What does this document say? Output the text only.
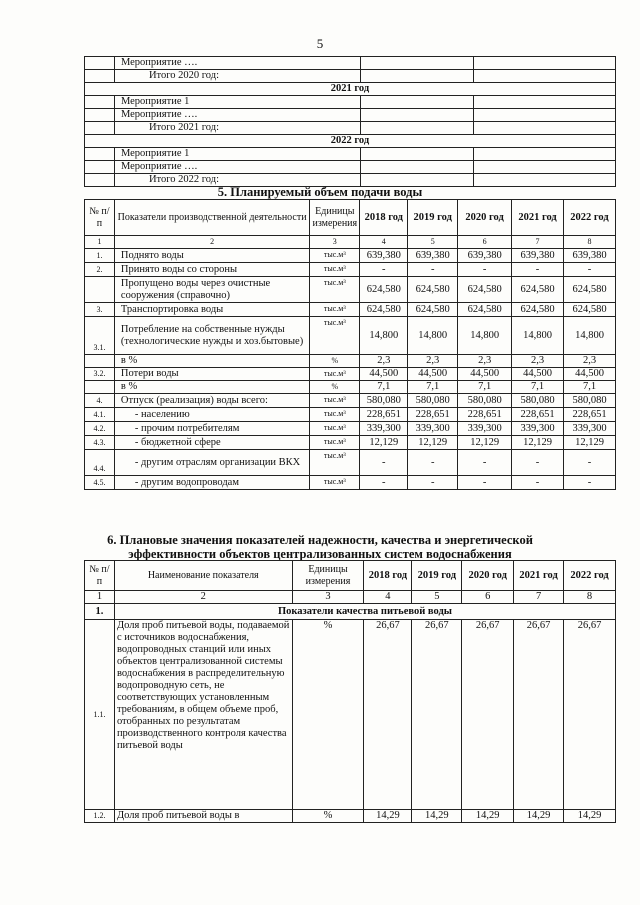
5
	Мероприятие ….		
	Итого 2020 год:		
2021 год			
	Мероприятие 1		
	Мероприятие ….		
	Итого 2021 год:		
2022 год			
	Мероприятие 1		
	Мероприятие ….		
	Итого 2022 год:		
5. Планируемый объем подачи воды
№ п/п	Показатели производственной деятельности	Единицы измерения	2018 год	2019 год	2020 год	2021 год	2022 год
1	2	3	4	5	6	7	8
1.	Поднято воды	тыс.м³	639,380	639,380	639,380	639,380	639,380
2.	Принято воды со стороны	тыс.м³	-	-	-	-	-
	Пропущено воды через очистные сооружения (справочно)	тыс.м³	624,580	624,580	624,580	624,580	624,580
3.	Транспортировка воды	тыс.м³	624,580	624,580	624,580	624,580	624,580
3.1.	Потребление на собственные нужды (технологические нужды и хоз.бытовые)	тыс.м³	14,800	14,800	14,800	14,800	14,800
	в %	%	2,3	2,3	2,3	2,3	2,3
3.2.	Потери воды	тыс.м³	44,500	44,500	44,500	44,500	44,500
	в %	%	7,1	7,1	7,1	7,1	7,1
4.	Отпуск (реализация) воды всего:	тыс.м³	580,080	580,080	580,080	580,080	580,080
4.1.	- населению	тыс.м³	228,651	228,651	228,651	228,651	228,651
4.2.	- прочим потребителям	тыс.м³	339,300	339,300	339,300	339,300	339,300
4.3.	- бюджетной сфере	тыс.м³	12,129	12,129	12,129	12,129	12,129
4.4.	- другим отраслям организации ВКХ	тыс.м³	-	-	-	-	-
4.5.	- другим водопроводам	тыс.м³	-	-	-	-	-
6. Плановые значения показателей надежности, качества и энергетической
эффективности объектов централизованных систем водоснабжения
№ п/п	Наименование показателя	Единицы измерения	2018 год	2019 год	2020 год	2021 год	2022 год
1	2	3	4	5	6	7	8
1.	Показатели качества питьевой воды						
1.1.	Доля проб питьевой воды, подаваемой с источников водоснабжения, водопроводных станций или иных объектов централизованной системы водоснабжения в распределительную водопроводную сеть, не соответствующих установленным требованиям, в общем объеме проб, отобранных по результатам производственного контроля качества питьевой воды	%	26,67	26,67	26,67	26,67	26,67
1.2.	Доля проб питьевой воды в	%	14,29	14,29	14,29	14,29	14,29
